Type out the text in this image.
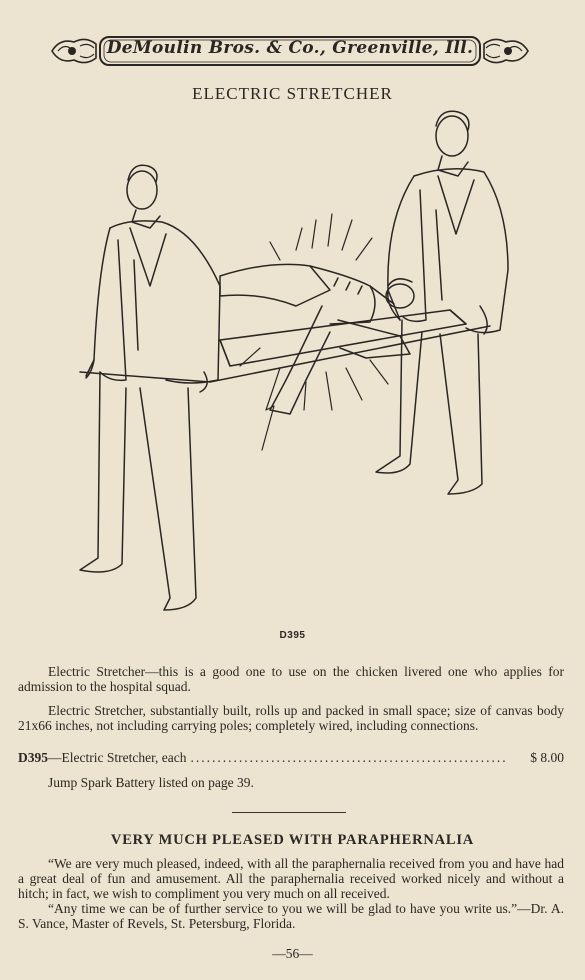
DeMoulin Bros. & Co., Greenville, Ill.
ELECTRIC STRETCHER
D395
Electric Stretcher—this is a good one to use on the chicken livered one who applies for admission to the hospital squad.
Electric Stretcher, substantially built, rolls up and packed in small space; size of canvas body 21x66 inches, not including carrying poles; completely wired, including connections.
D395 —Electric Stretcher, each ...........................................................	$ 8.00
Jump Spark Battery listed on page 39.
VERY MUCH PLEASED WITH PARAPHERNALIA

“We are very much pleased, indeed, with all the paraphernalia received from you and have had a great deal of fun and amusement. All the paraphernalia received worked nicely and without a hitch; in fact, we wish to compliment you very much on all received.

“Any time we can be of further service to you we will be glad to have you write us.”—Dr. A. S. Vance, Master of Revels, St. Petersburg, Florida.

—56—
